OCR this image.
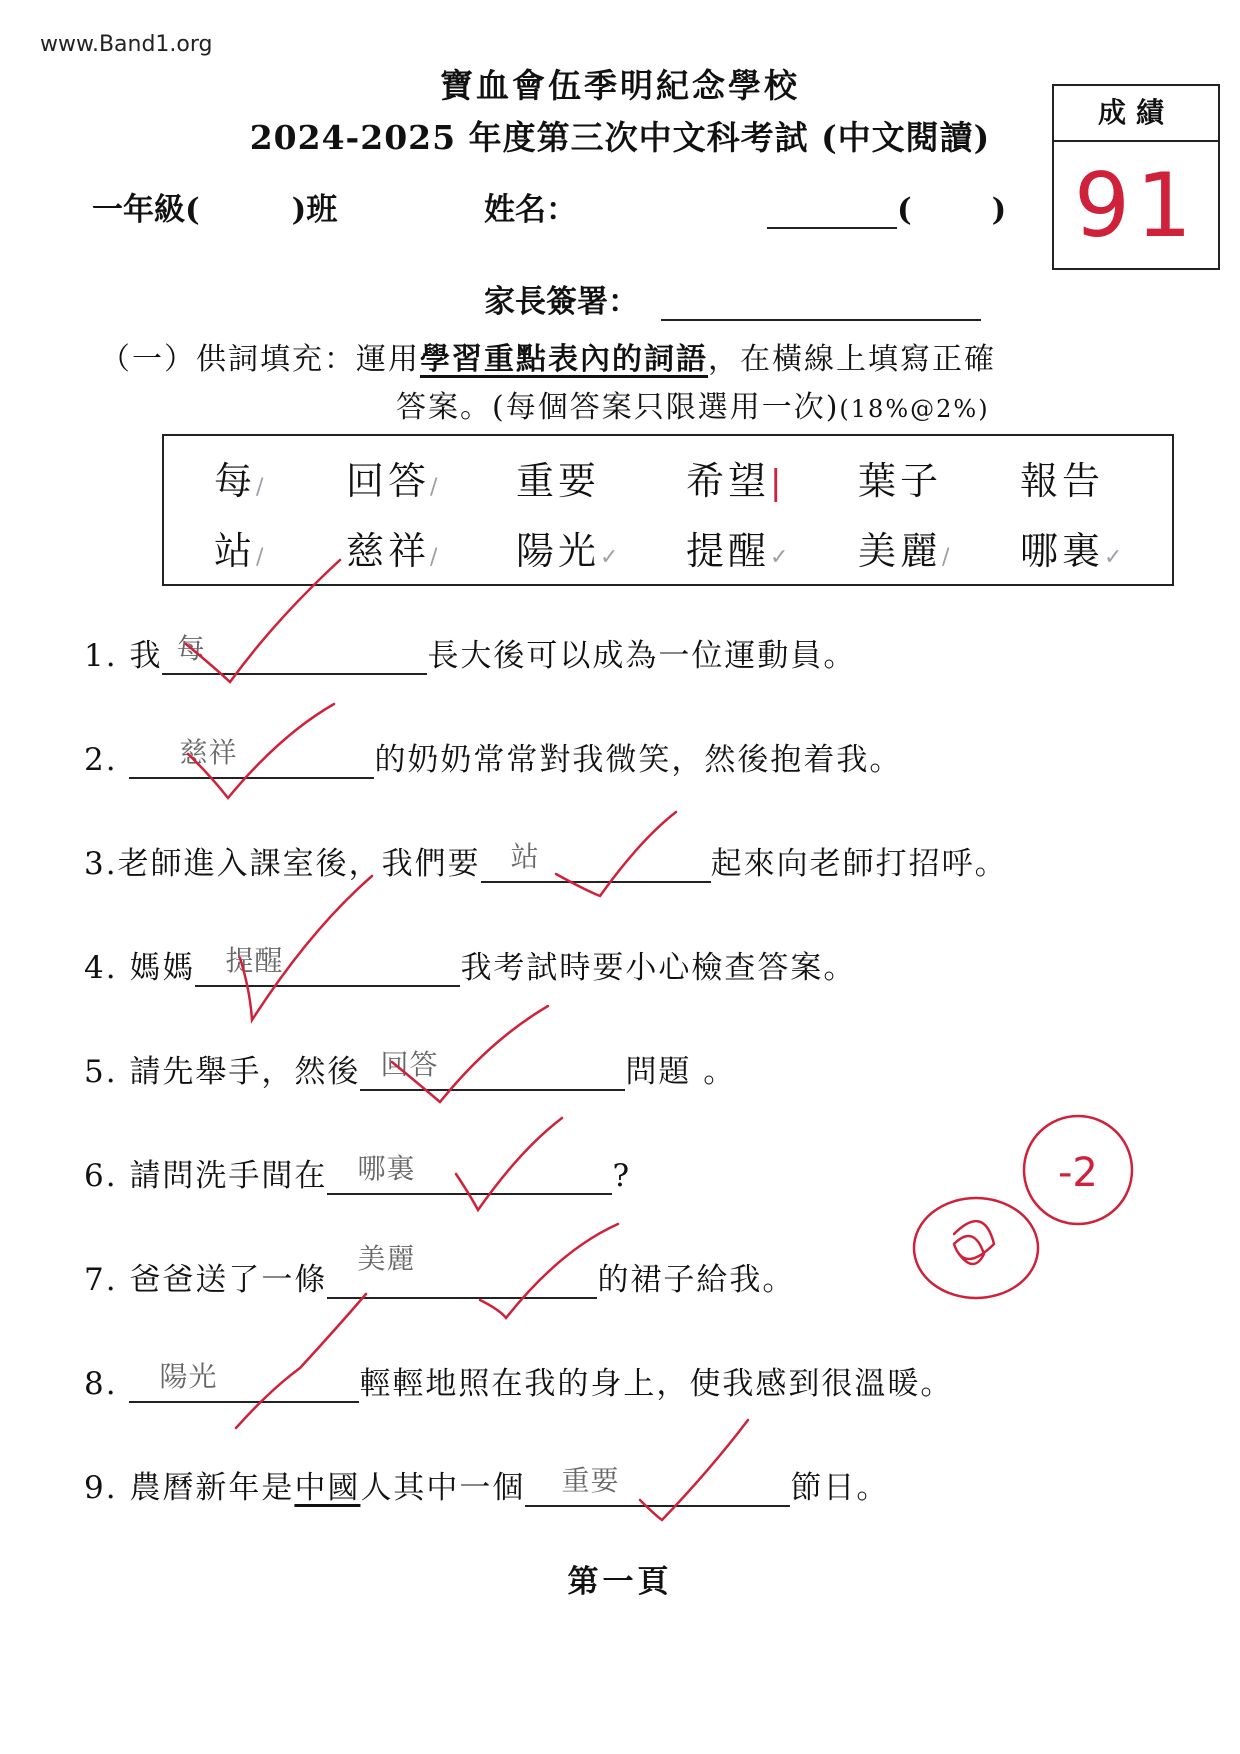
www.Band1.org
寶血會伍季明紀念學校
2024-2025 年度第三次中文科考試 (中文閱讀)
成績
91
一年級(	)班	姓名：	(	)
家長簽署：
（一）供詞填充：運用學習重點表內的詞語，在橫線上填寫正確
答案。(每個答案只限選用一次)(18%@2%)
每/ 回答/ 重要 希望| 葉子 報告
站/ 慈祥/ 陽光✓ 提醒✓ 美麗/ 哪裏✓
1. 我 每	長大後可以成為一位運動員。
2. 慈祥	的奶奶常常對我微笑，然後抱着我。
3.老師進入課室後，我們要 站	起來向老師打招呼。
4. 媽媽 提醒	我考試時要小心檢查答案。
5. 請先舉手，然後 回答	問題 。
6. 請問洗手間在 哪裏	?
7. 爸爸送了一條
美麗
的裙子給我。
8. 陽光	輕輕地照在我的身上，使我感到很溫暖。
9. 農曆新年是中國人其中一個 重要	節日。
第一頁
-2
